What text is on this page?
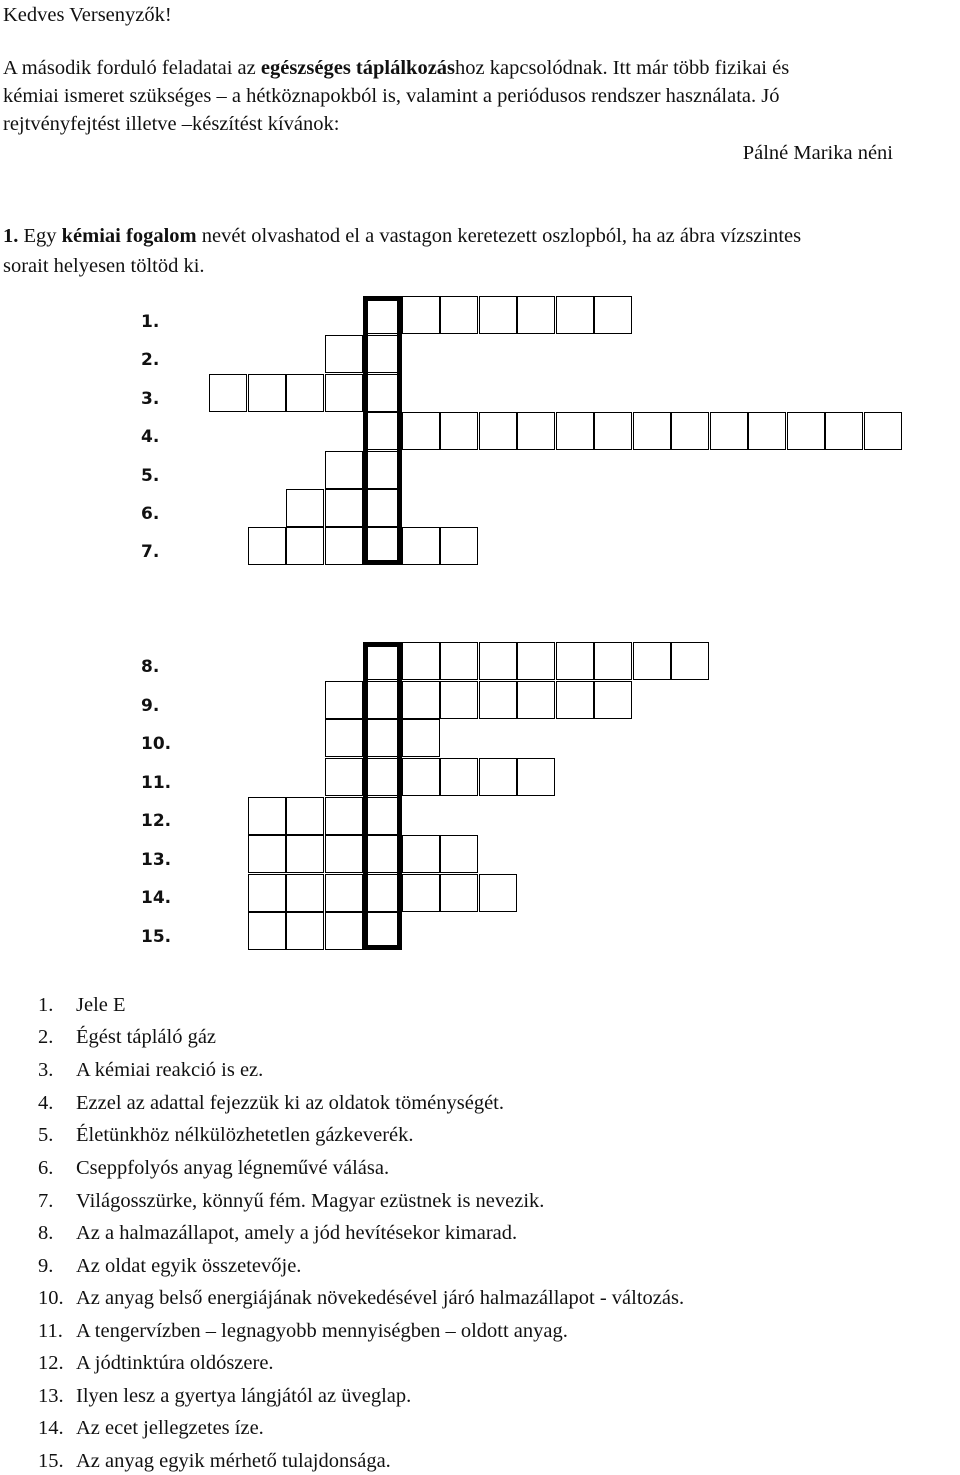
Kedves Versenyzők!

A második forduló feladatai az egészséges táplálkozáshoz kapcsolódnak. Itt már több fizikai és

kémiai ismeret szükséges – a hétköznapokból is, valamint a periódusos rendszer használata. Jó

rejtvényfejtést illetve –készítést kívánok:

Pálné Marika néni

1. Egy kémiai fogalom nevét olvashatod el a vastagon keretezett oszlopból, ha az ábra vízszintes

sorait helyesen töltöd ki.

1.
2.
3.
4.
5.
6.
7.
8.
9.
10.
11.
12.
13.
14.
15.
1. Jele E
2. Égést tápláló gáz
3. A kémiai reakció is ez.
4. Ezzel az adattal fejezzük ki az oldatok töménységét.
5. Életünkhöz nélkülözhetetlen gázkeverék.
6. Cseppfolyós anyag légneművé válása.
7. Világosszürke, könnyű fém. Magyar ezüstnek is nevezik.
8. Az a halmazállapot, amely a jód hevítésekor kimarad.
9. Az oldat egyik összetevője.
10. Az anyag belső energiájának növekedésével járó halmazállapot - változás.
11. A tengervízben – legnagyobb mennyiségben – oldott anyag.
12. A jódtinktúra oldószere.
13. Ilyen lesz a gyertya lángjától az üveglap.
14. Az ecet jellegzetes íze.
15. Az anyag egyik mérhető tulajdonsága.
